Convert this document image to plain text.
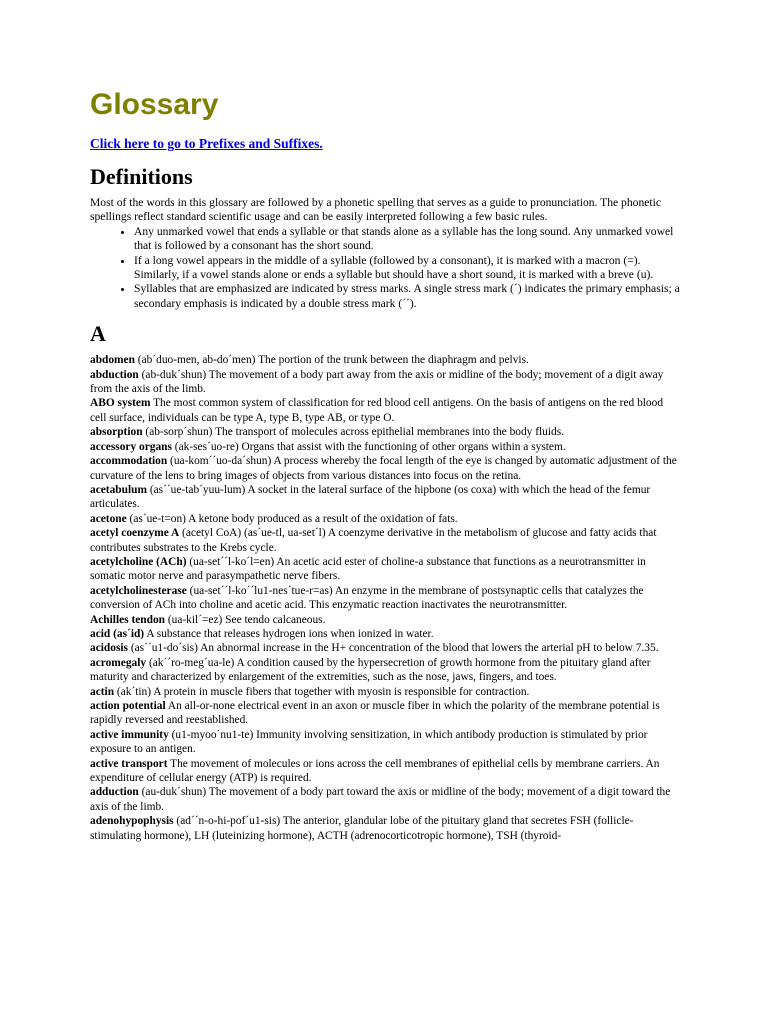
Glossary
Click here to go to Prefixes and Suffixes.
Definitions

Most of the words in this glossary are followed by a phonetic spelling that serves as a guide to pronunciation. The phonetic spellings reflect standard scientific usage and can be easily interpreted following a few basic rules.

• Any unmarked vowel that ends a syllable or that stands alone as a syllable has the long sound. Any unmarked vowel that is followed by a consonant has the short sound.
• If a long vowel appears in the middle of a syllable (followed by a consonant), it is marked with a macron (=). Similarly, if a vowel stands alone or ends a syllable but should have a short sound, it is marked with a breve (u).
• Syllables that are emphasized are indicated by stress marks. A single stress mark (´) indicates the primary emphasis; a secondary emphasis is indicated by a double stress mark (´´).
A

abdomen (ab´duo-men, ab-do´men) The portion of the trunk between the diaphragm and pelvis.

abduction (ab-duk´shun) The movement of a body part away from the axis or midline of the body; movement of a digit away from the axis of the limb.

ABO system The most common system of classification for red blood cell antigens. On the basis of antigens on the red blood cell surface, individuals can be type A, type B, type AB, or type O.

absorption (ab-sorp´shun) The transport of molecules across epithelial membranes into the body fluids.

accessory organs (ak-ses´uo-re) Organs that assist with the functioning of other organs within a system.

accommodation (ua-kom´´uo-da´shun) A process whereby the focal length of the eye is changed by automatic adjustment of the curvature of the lens to bring images of objects from various distances into focus on the retina.

acetabulum (as´´ue-tab´yuu-lum) A socket in the lateral surface of the hipbone (os coxa) with which the head of the femur articulates.

acetone (as´ue-t=on) A ketone body produced as a result of the oxidation of fats.

acetyl coenzyme A (acetyl CoA) (as´ue-tl, ua-set´l) A coenzyme derivative in the metabolism of glucose and fatty acids that contributes substrates to the Krebs cycle.

acetylcholine (ACh) (ua-set´´l-ko´l=en) An acetic acid ester of choline-a substance that functions as a neurotransmitter in somatic motor nerve and parasympathetic nerve fibers.

acetylcholinesterase (ua-set´´l-ko´´lu1-nes´tue-r=as) An enzyme in the membrane of postsynaptic cells that catalyzes the conversion of ACh into choline and acetic acid. This enzymatic reaction inactivates the neurotransmitter.

Achilles tendon (ua-kil´=ez) See tendo calcaneous.

acid (as´id) A substance that releases hydrogen ions when ionized in water.

acidosis (as´´u1-do´sis) An abnormal increase in the H+ concentration of the blood that lowers the arterial pH to below 7.35.

acromegaly (ak´´ro-meg´ua-le) A condition caused by the hypersecretion of growth hormone from the pituitary gland after maturity and characterized by enlargement of the extremities, such as the nose, jaws, fingers, and toes.

actin (ak´tin) A protein in muscle fibers that together with myosin is responsible for contraction.

action potential An all-or-none electrical event in an axon or muscle fiber in which the polarity of the membrane potential is rapidly reversed and reestablished.

active immunity (u1-myoo´nu1-te) Immunity involving sensitization, in which antibody production is stimulated by prior exposure to an antigen.

active transport The movement of molecules or ions across the cell membranes of epithelial cells by membrane carriers. An expenditure of cellular energy (ATP) is required.

adduction (au-duk´shun) The movement of a body part toward the axis or midline of the body; movement of a digit toward the axis of the limb.

adenohypophysis (ad´´n-o-hi-pof´u1-sis) The anterior, glandular lobe of the pituitary gland that secretes FSH (follicle-stimulating hormone), LH (luteinizing hormone), ACTH (adrenocorticotropic hormone), TSH (thyroid-
